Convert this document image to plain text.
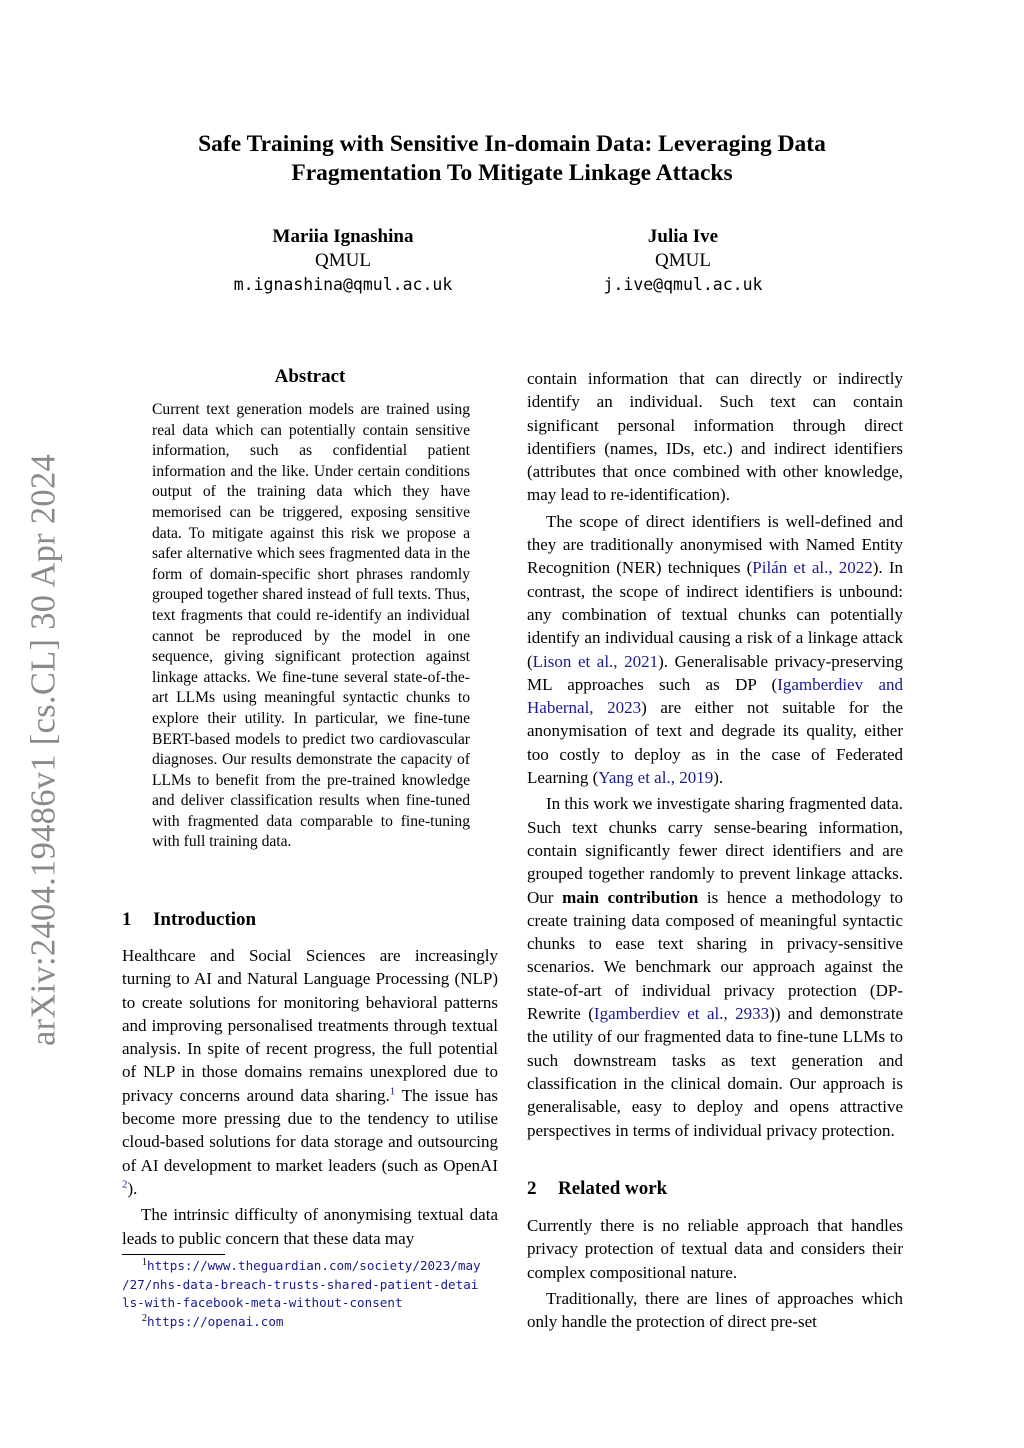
arXiv:2404.19486v1 [cs.CL] 30 Apr 2024
Safe Training with Sensitive In-domain Data: Leveraging Data
Fragmentation To Mitigate Linkage Attacks
Mariia Ignashina
QMUL
m.ignashina@qmul.ac.uk
Julia Ive
QMUL
j.ive@qmul.ac.uk
Abstract
Current text generation models are trained using real data which can potentially contain sensitive information, such as confidential patient information and the like. Under certain conditions output of the training data which they have memorised can be triggered, exposing sensitive data. To mitigate against this risk we propose a safer alternative which sees fragmented data in the form of domain-specific short phrases randomly grouped together shared instead of full texts. Thus, text fragments that could re-identify an individual cannot be reproduced by the model in one sequence, giving significant protection against linkage attacks. We fine-tune several state-of-the-art LLMs using meaningful syntactic chunks to explore their utility. In particular, we fine-tune BERT-based models to predict two cardiovascular diagnoses. Our results demonstrate the capacity of LLMs to benefit from the pre-trained knowledge and deliver classification results when fine-tuned with fragmented data comparable to fine-tuning with full training data.
1 Introduction

Healthcare and Social Sciences are increasingly turning to AI and Natural Language Processing (NLP) to create solutions for monitoring behavioral patterns and improving personalised treatments through textual analysis. In spite of recent progress, the full potential of NLP in those domains remains unexplored due to privacy concerns around data sharing.$^1$ The issue has become more pressing due to the tendency to utilise cloud-based solutions for data storage and outsourcing of AI development to market leaders (such as OpenAI $^2$).

The intrinsic difficulty of anonymising textual data leads to public concern that these data may

$^1$https://www.theguardian.com/society/2023/may
/27/nhs-data-breach-trusts-shared-patient-detai
ls-with-facebook-meta-without-consent
$^2$https://openai.com

contain information that can directly or indirectly identify an individual. Such text can contain significant personal information through direct identifiers (names, IDs, etc.) and indirect identifiers (attributes that once combined with other knowledge, may lead to re-identification).

The scope of direct identifiers is well-defined and they are traditionally anonymised with Named Entity Recognition (NER) techniques (Pilán et al., 2022). In contrast, the scope of indirect identifiers is unbound: any combination of textual chunks can potentially identify an individual causing a risk of a linkage attack (Lison et al., 2021). Generalisable privacy-preserving ML approaches such as DP (Igamberdiev and Habernal, 2023) are either not suitable for the anonymisation of text and degrade its quality, either too costly to deploy as in the case of Federated Learning (Yang et al., 2019).

In this work we investigate sharing fragmented data. Such text chunks carry sense-bearing information, contain significantly fewer direct identifiers and are grouped together randomly to prevent linkage attacks. Our main contribution is hence a methodology to create training data composed of meaningful syntactic chunks to ease text sharing in privacy-sensitive scenarios. We benchmark our approach against the state-of-art of individual privacy protection (DP-Rewrite (Igamberdiev et al., 2933)) and demonstrate the utility of our fragmented data to fine-tune LLMs to such downstream tasks as text generation and classification in the clinical domain. Our approach is generalisable, easy to deploy and opens attractive perspectives in terms of individual privacy protection.

2 Related work

Currently there is no reliable approach that handles privacy protection of textual data and considers their complex compositional nature.

Traditionally, there are lines of approaches which only handle the protection of direct pre-set
